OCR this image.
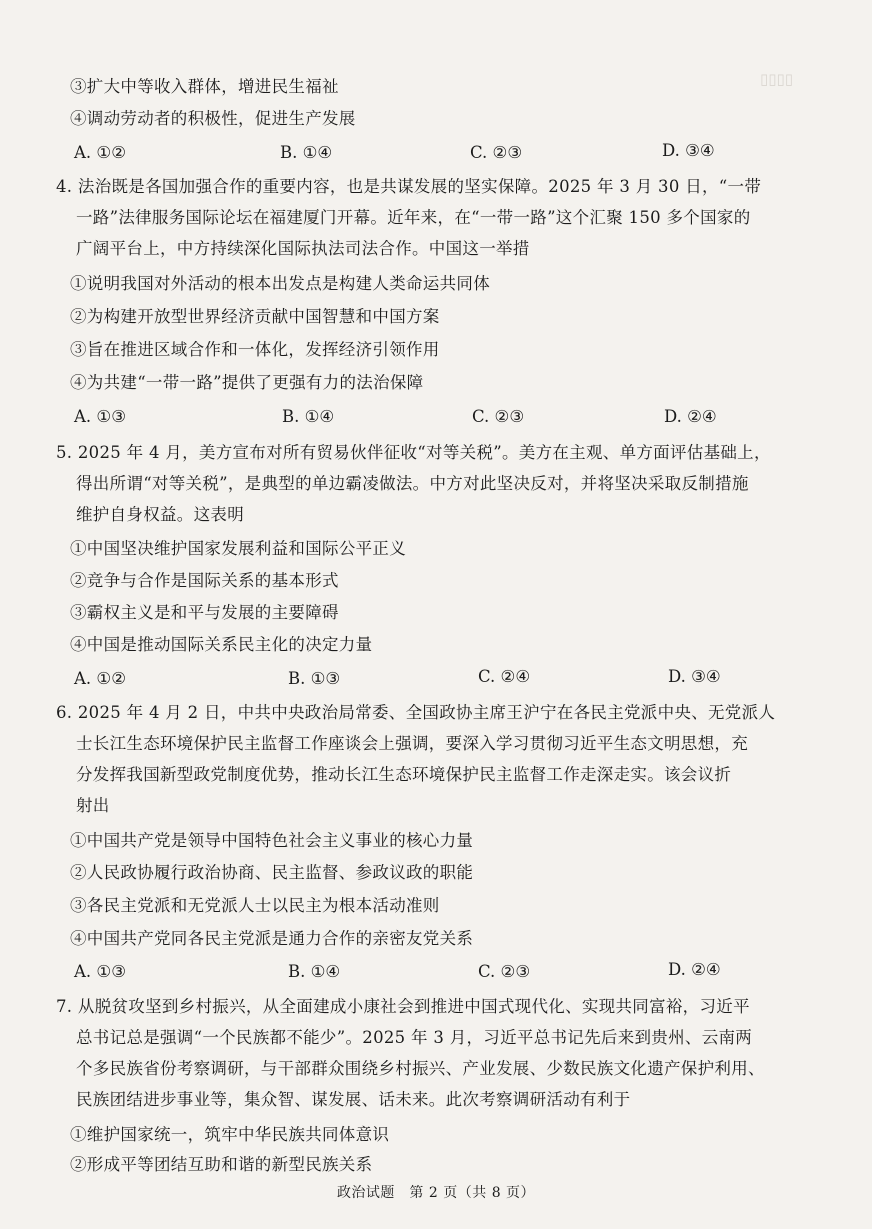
▯▯▯▯
③扩大中等收入群体，增进民生福祉
④调动劳动者的积极性，促进生产发展
A. ①②	B. ①④	C. ②③	D. ③④
4. 法治既是各国加强合作的重要内容，也是共谋发展的坚实保障。2025 年 3 月 30 日，“一带
一路”法律服务国际论坛在福建厦门开幕。近年来，在“一带一路”这个汇聚 150 多个国家的
广阔平台上，中方持续深化国际执法司法合作。中国这一举措
①说明我国对外活动的根本出发点是构建人类命运共同体
②为构建开放型世界经济贡献中国智慧和中国方案
③旨在推进区域合作和一体化，发挥经济引领作用
④为共建“一带一路”提供了更强有力的法治保障
A. ①③	B. ①④	C. ②③	D. ②④
5. 2025 年 4 月，美方宣布对所有贸易伙伴征收“对等关税”。美方在主观、单方面评估基础上，
得出所谓“对等关税”，是典型的单边霸凌做法。中方对此坚决反对，并将坚决采取反制措施
维护自身权益。这表明
①中国坚决维护国家发展利益和国际公平正义
②竞争与合作是国际关系的基本形式
③霸权主义是和平与发展的主要障碍
④中国是推动国际关系民主化的决定力量
A. ①②	B. ①③	C. ②④	D. ③④
6. 2025 年 4 月 2 日，中共中央政治局常委、全国政协主席王沪宁在各民主党派中央、无党派人
士长江生态环境保护民主监督工作座谈会上强调，要深入学习贯彻习近平生态文明思想，充
分发挥我国新型政党制度优势，推动长江生态环境保护民主监督工作走深走实。该会议折
射出
①中国共产党是领导中国特色社会主义事业的核心力量
②人民政协履行政治协商、民主监督、参政议政的职能
③各民主党派和无党派人士以民主为根本活动准则
④中国共产党同各民主党派是通力合作的亲密友党关系
A. ①③	B. ①④	C. ②③	D. ②④
7. 从脱贫攻坚到乡村振兴，从全面建成小康社会到推进中国式现代化、实现共同富裕，习近平
总书记总是强调“一个民族都不能少”。2025 年 3 月，习近平总书记先后来到贵州、云南两
个多民族省份考察调研，与干部群众围绕乡村振兴、产业发展、少数民族文化遗产保护利用、
民族团结进步事业等，集众智、谋发展、话未来。此次考察调研活动有利于
①维护国家统一，筑牢中华民族共同体意识
②形成平等团结互助和谐的新型民族关系
政治试题　第 2 页（共 8 页）
